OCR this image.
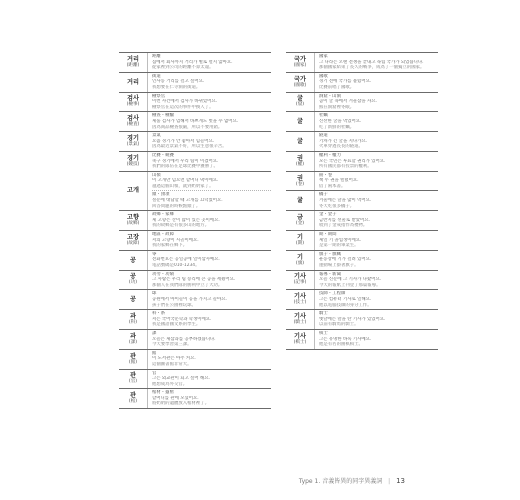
거리
(距離)
距離
집에서 회사까지 거리가 별로 멀지 않아요.
從家裡到公司的距離不算太遠。
거리
街道
인사동 거리를 걸고 싶어요.
我想要在仁寺洞的街道。
검사
(檢事)
檢察官
이번 사건에서 검사가 바뀌었어요.
檢察官在這次的事件中換人了。
검사
(檢査)
檢查・檢驗
제품 검사가 엄해서 바쁘게도 벗을 수 없어요.
因為商品檢查很嚴，所以不要用錯。
경기
(景氣)
景氣
요즘 경기가 안 좋아서 힘들어요.
因為最近景氣不好，所以生意很辛苦。
경기
(競技)
比賽・競賽
축구 경기에서 우리 팀이 이겼어요.
我們的隊伍在足球比賽中獲勝了。
고개
山嶺
이 고개만 넘으면 할머니 댁이에요.
越過這個山嶺，就到奶奶家了。
頭・頸項
질문에 대답할 때 고개를 끄덕였어요.
回答問題的時候點頭了。
고향
(故鄉)
故鄉・家鄉
제 고향은 산이 많이 있는 곳이에요.
我的故鄉是有很多山的地方。
고장
(故障)
地區・故障
저의 고향이 시골이에요.
我的家鄉在鄉下。
공
零
전화번호는 공일공에 일이삼사예요.
電話號碼是010-1234。
공
(功)
功勞・功績
그 사람은 우리 팀 승리에 큰 공을 세웠어요.
那個人在我們隊的勝利中立了大功。
공
球
공원에서 아이들이 공을 가지고 놀아요.
孩子們在公園裡玩球。
과
(科)
科・系
저는 국어국문학과 학생이에요.
我是國語國文系的學生。
과
(課)
課
오늘은 제삼과를 공부하겠습니다.
今天要學習第三課。
관
(館)
館
이 도서관은 아주 커요.
這個圖書館非常大。
관
(官)
官
그는 외교관이 되고 싶어 해요.
他想成為外交官。
관
(棺)
棺材・靈柩
할머니를 관에 모셨어요.
將奶奶的遺體放入棺材裡了。
국가
(國家)
國家
그 나라는 오랜 전쟁을 끝내고 독립 국가가 되었습니다.
那個國家結束了長久的戰爭，成為了一個獨立的國家。
국가
(國歌)
國歌
경기 전에 국가를 불렀어요.
比賽前唱了國歌。
굴
(窟)
洞窟・山洞
곰이 굴 속에서 겨울잠을 자요.
熊在洞窟裡冬眠。
굴
牡蠣
신선한 굴을 먹었어요.
吃了新鮮的牡蠣。
굴
隧道
기차가 긴 굴을 지나가요.
火車穿過長長的隧道。
권
(權)
權利・權力
모든 국민은 투표할 권리가 있어요.
所有國民都有投票的權利。
권
(卷)
冊・卷
책 두 권을 빌렸어요.
借了兩本書。
귤
橘子
겨울에는 귤을 많이 먹어요.
冬天吃很多橘子。
금
(金)
金・金子
금반지를 선물로 받았어요.
收到了金戒指作為禮物。
기
(期)
期・期間
제일 기 졸업생이에요.
是第一期的畢業生。
기
(旗)
旗子・旗幟
운동장에 기가 걸려 있어요.
運動場上掛著旗子。
기사
(記事)
報導・新聞
오늘 신문에 그 기사가 나왔어요.
今天的報紙上刊登了那篇報導。
기사
(技士)
技師・工程師
그는 컴퓨터 기사로 일해요.
他以電腦技師的身分工作。
기사
(騎士)
騎士
옛날에는 말을 탄 기사가 있었어요.
以前有騎馬的騎士。
기사
(棋士)
棋士
그는 유명한 바둑 기사예요.
他是有名的圍棋棋士。
Type 1. 音義皆異的同字異義詞 | 13
